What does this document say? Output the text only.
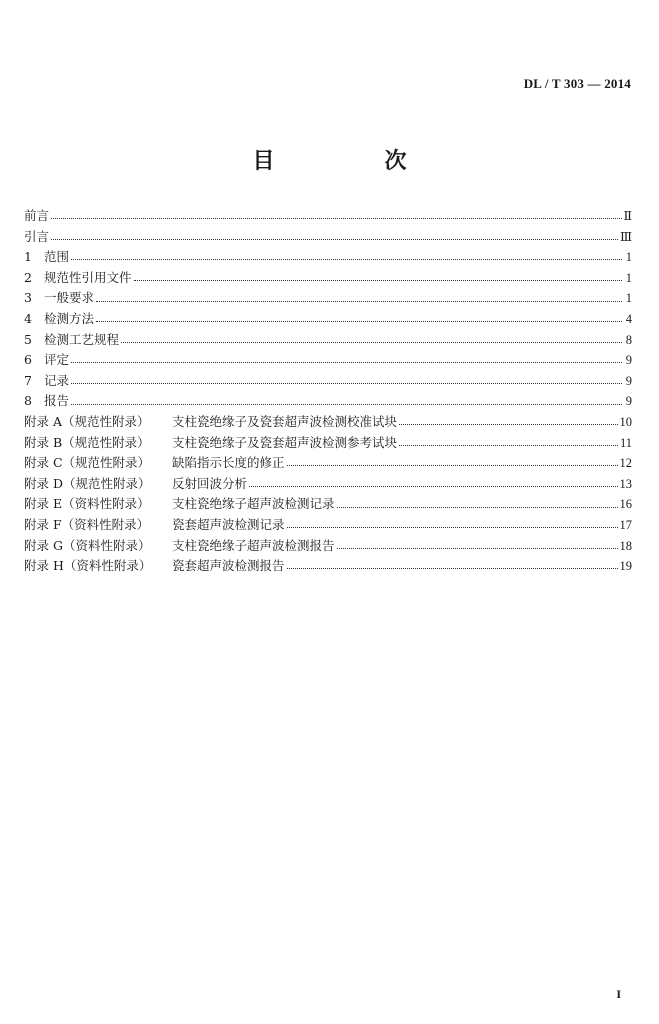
DL / T 303 — 2014
目　次
前言	Ⅱ
引言	Ⅲ
1 范围	1
2 规范性引用文件	1
3 一般要求	1
4 检测方法	4
5 检测工艺规程	8
6 评定	9
7 记录	9
8 报告	9
附录 A（规范性附录）	支柱瓷绝缘子及瓷套超声波检测校准试块	10
附录 B（规范性附录）	支柱瓷绝缘子及瓷套超声波检测参考试块	11
附录 C（规范性附录）	缺陷指示长度的修正	12
附录 D（规范性附录）	反射回波分析	13
附录 E（资料性附录）	支柱瓷绝缘子超声波检测记录	16
附录 F（资料性附录）	瓷套超声波检测记录	17
附录 G（资料性附录）	支柱瓷绝缘子超声波检测报告	18
附录 H（资料性附录）	瓷套超声波检测报告	19
I
